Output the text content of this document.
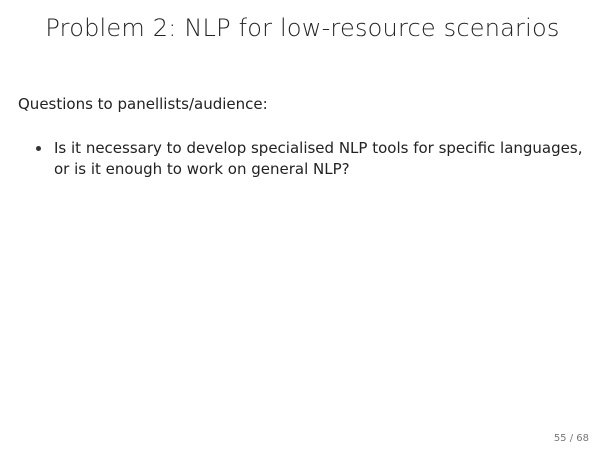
Problem 2: NLP for low-resource scenarios
Questions to panellists/audience:
Is it necessary to develop specialised NLP tools for specific languages,
or is it enough to work on general NLP?
55 / 68
